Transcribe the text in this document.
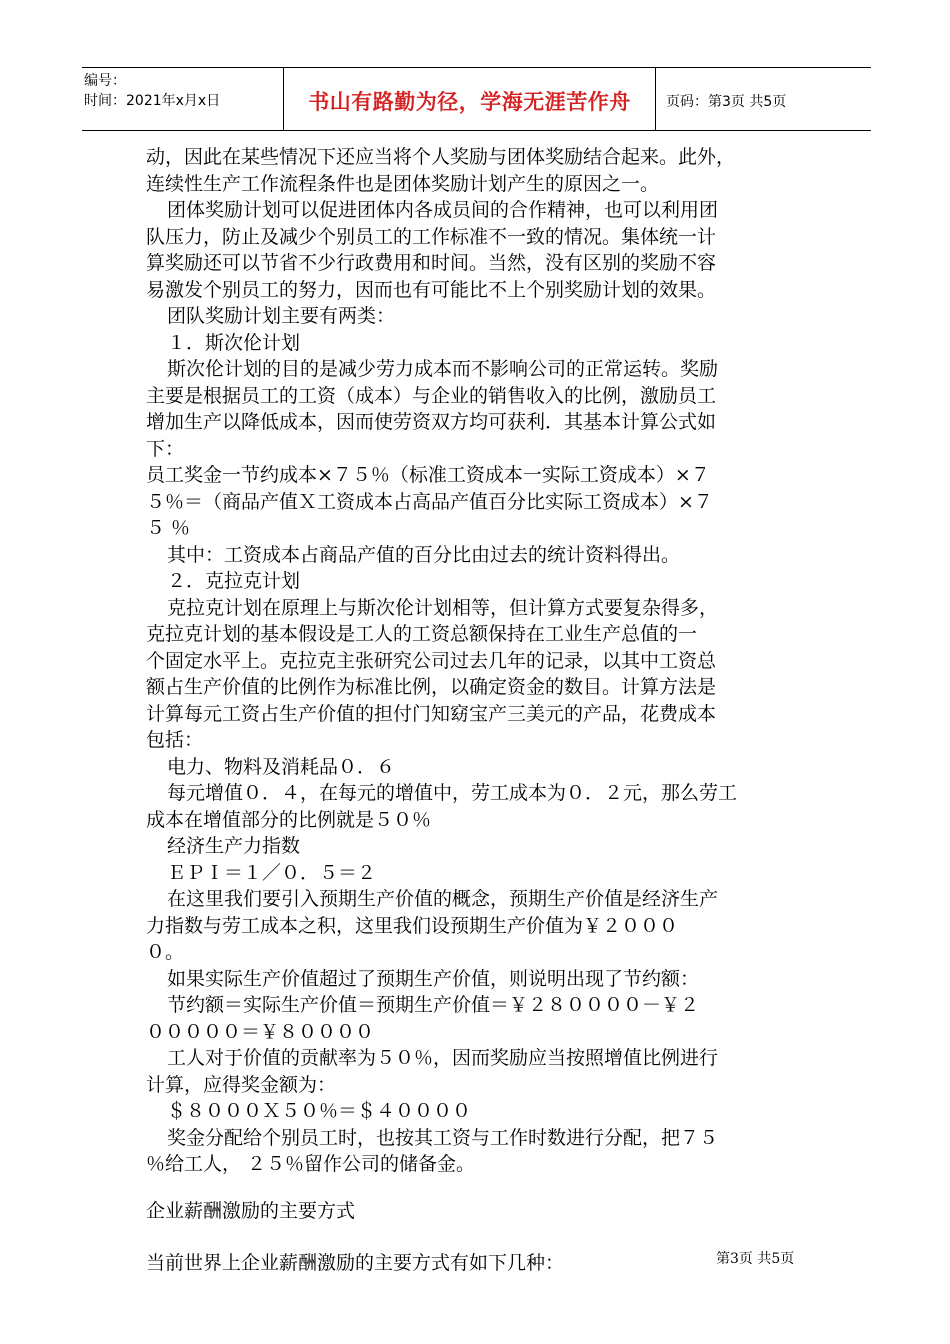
编号：
时间：2021年x月x日	书山有路勤为径，学海无涯苦作舟	页码：第3页 共5页
动，因此在某些情况下还应当将个人奖励与团体奖励结合起来。此外，
连续性生产工作流程条件也是团体奖励计划产生的原因之一。
团体奖励计划可以促进团体内各成员间的合作精神，也可以利用团
队压力，防止及减少个别员工的工作标准不一致的情况。集体统一计
算奖励还可以节省不少行政费用和时间。当然，没有区别的奖励不容
易激发个别员工的努力，因而也有可能比不上个别奖励计划的效果。
团队奖励计划主要有两类：
１．斯次伦计划
斯次伦计划的目的是减少劳力成本而不影响公司的正常运转。奖励
主要是根据员工的工资（成本）与企业的销售收入的比例，激励员工
增加生产以降低成本，因而使劳资双方均可获利．其基本计算公式如
下：
员工奖金一节约成本×７５％（标准工资成本一实际工资成本）×７
５％＝（商品产值Ｘ工资成本占高品产值百分比实际工资成本）×７
５ ％
其中：工资成本占商品产值的百分比由过去的统计资料得出。
２．克拉克计划
克拉克计划在原理上与斯次伦计划相等，但计算方式要复杂得多，
克拉克计划的基本假设是工人的工资总额保持在工业生产总值的一
个固定水平上。克拉克主张研究公司过去几年的记录，以其中工资总
额占生产价值的比例作为标准比例，以确定资金的数目。计算方法是
计算每元工资占生产价值的担付门知窈宝产三美元的产品，花费成本
包括：
电力、物料及消耗品０．６
每元增值０．４，在每元的增值中，劳工成本为０．２元，那么劳工
成本在增值部分的比例就是５０％
经济生产力指数
ＥＰＩ＝１／０．５＝２
在这里我们要引入预期生产价值的概念，预期生产价值是经济生产
力指数与劳工成本之积，这里我们设预期生产价值为￥２０００
０。
如果实际生产价值超过了预期生产价值，则说明出现了节约额：
节约额＝实际生产价值＝预期生产价值＝￥２８００００－￥２
０００００＝￥８００００
工人对于价值的贡献率为５０％，因而奖励应当按照增值比例进行
计算，应得奖金额为：
＄８０００Ｘ５０％＝＄４００００
奖金分配给个别员工时，也按其工资与工作时数进行分配，把７５
％给工人， ２５％留作公司的储备金。
企业薪酬激励的主要方式
当前世界上企业薪酬激励的主要方式有如下几种：	第3页 共5页
